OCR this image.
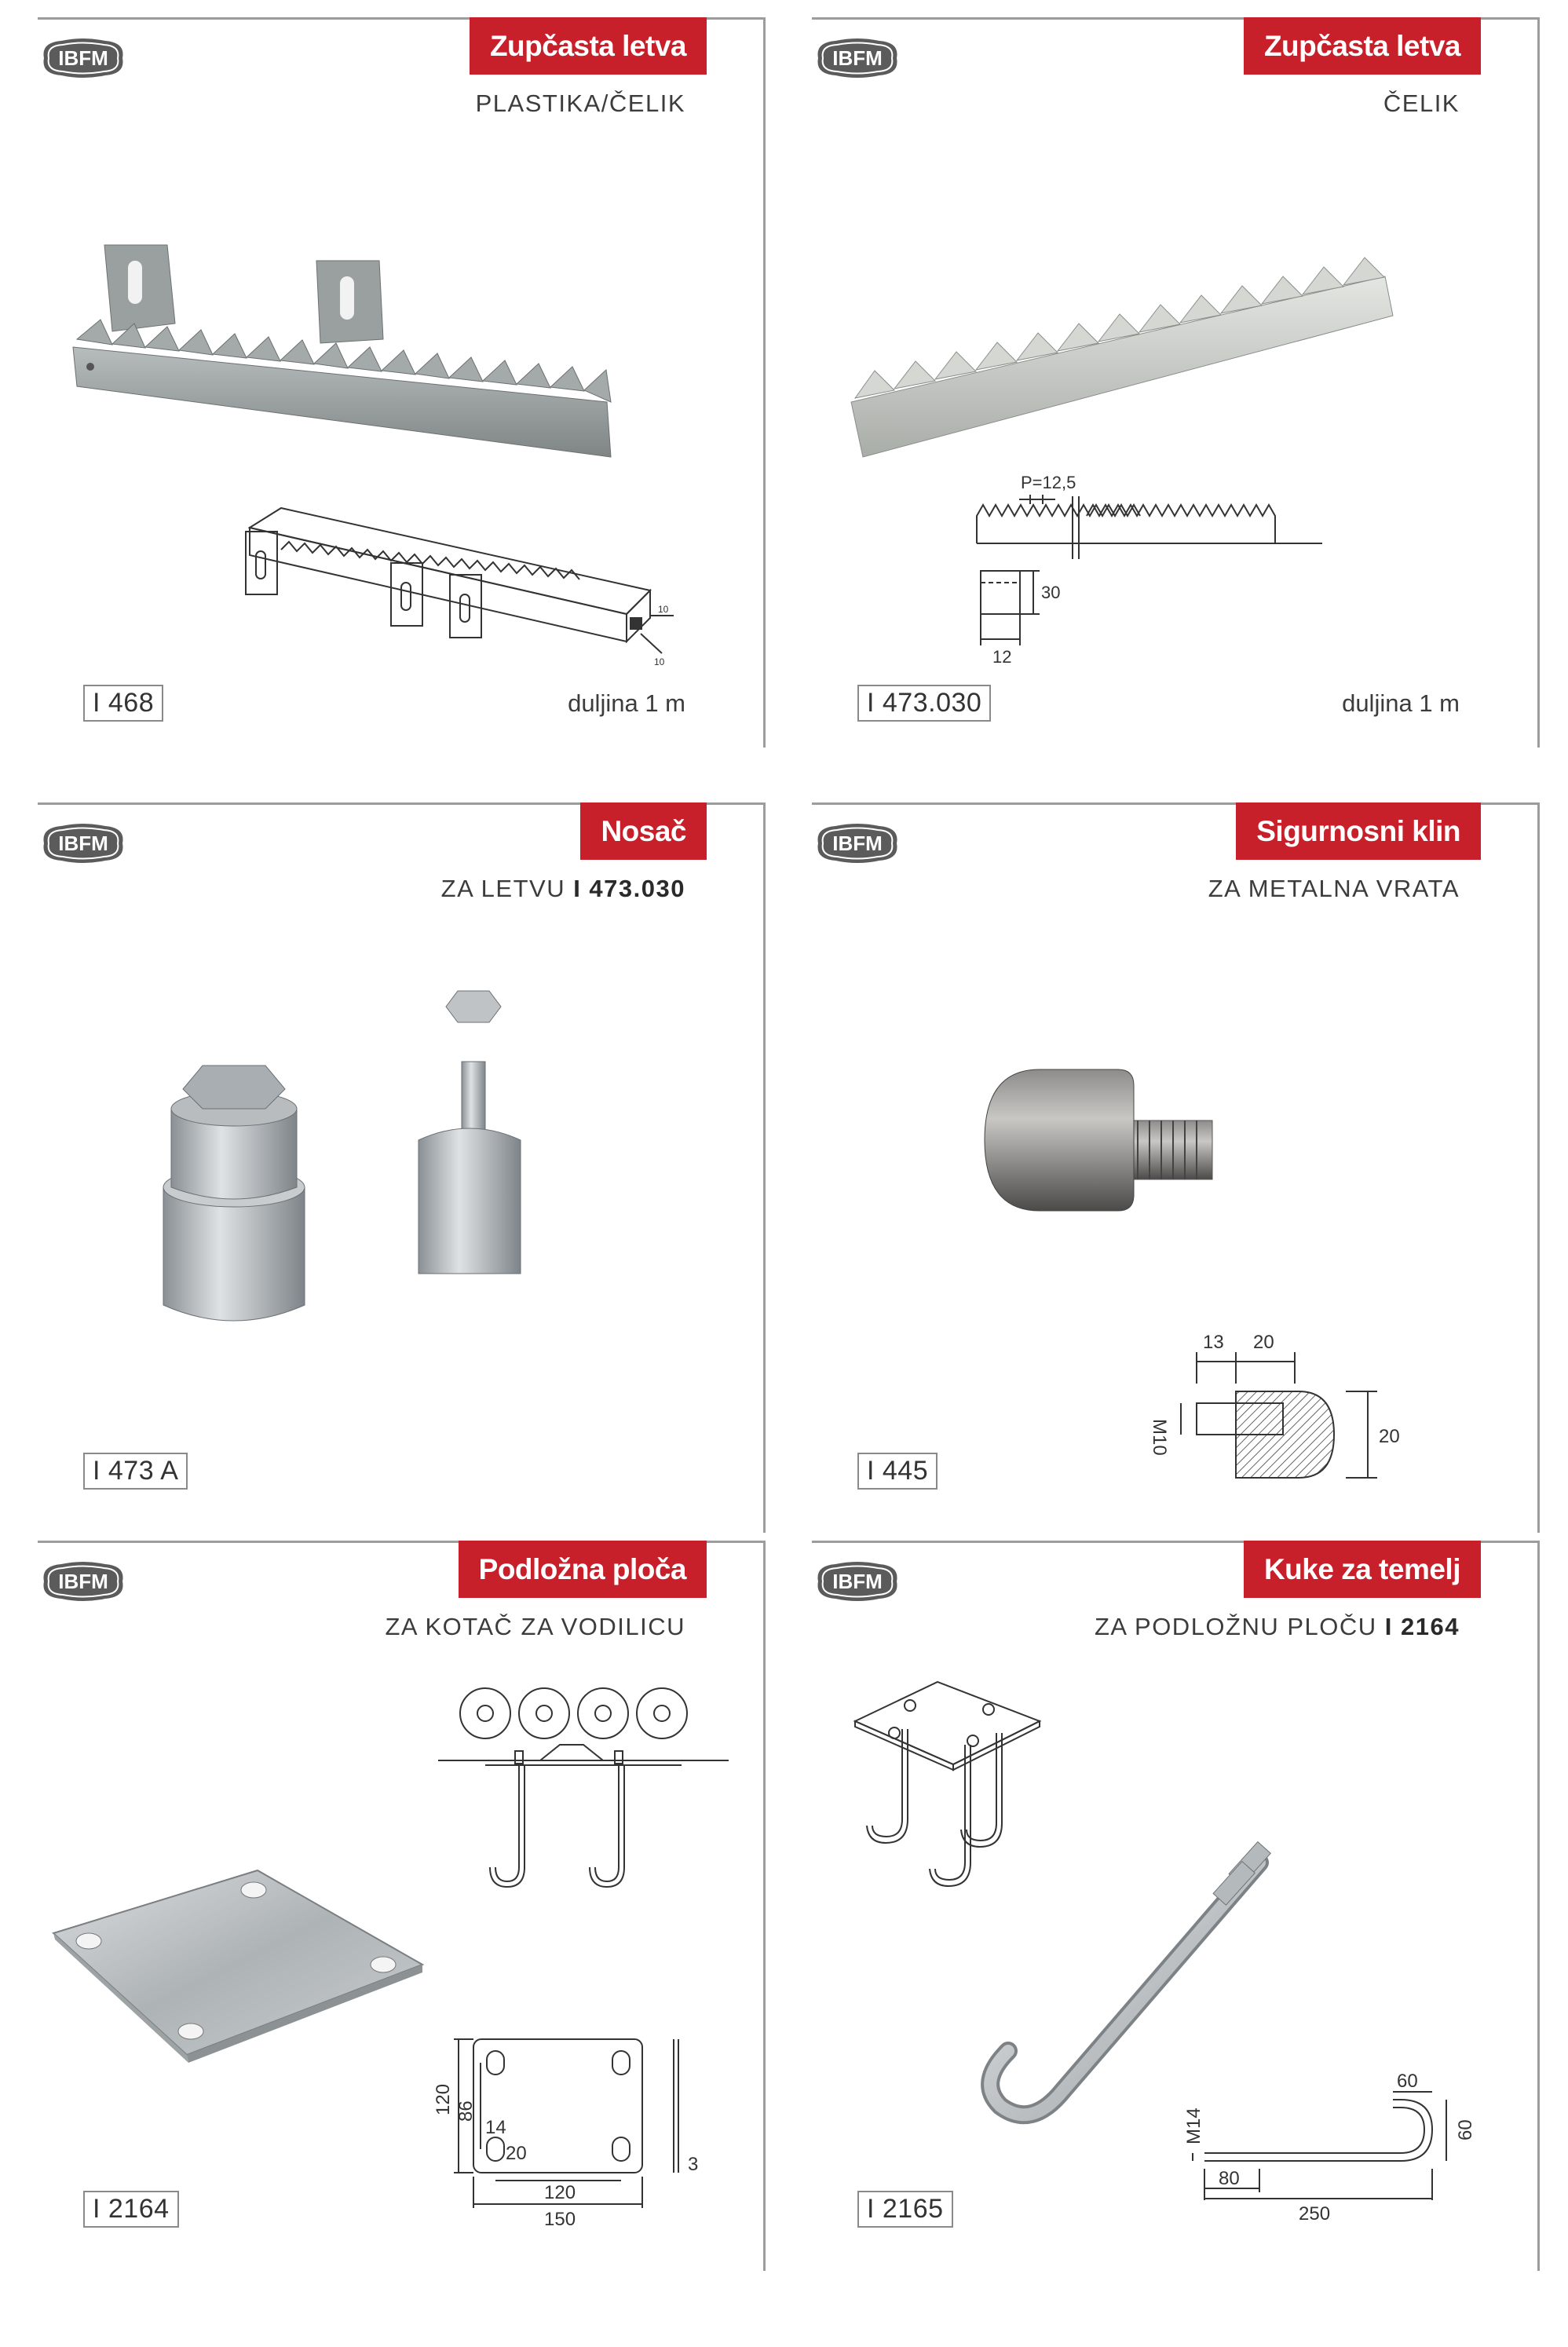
IBFM	Zupčasta letva
PLASTIKA/ČELIK
10
10
I 468	duljina 1 m
IBFM	Zupčasta letva
ČELIK
P=12,5
30
12
I 473.030	duljina 1 m
IBFM	Nosač
ZA LETVU I 473.030
I 473 A
IBFM	Sigurnosni klin
ZA METALNA VRATA
13 20
20
M10
I 445
IBFM	Podložna ploča
ZA KOTAČ ZA VODILICU
120 86
14
20
120
150
3
I 2164
IBFM	Kuke za temelj
ZA PODLOŽNU PLOČU I 2164
M14
80
250
60
60
I 2165
